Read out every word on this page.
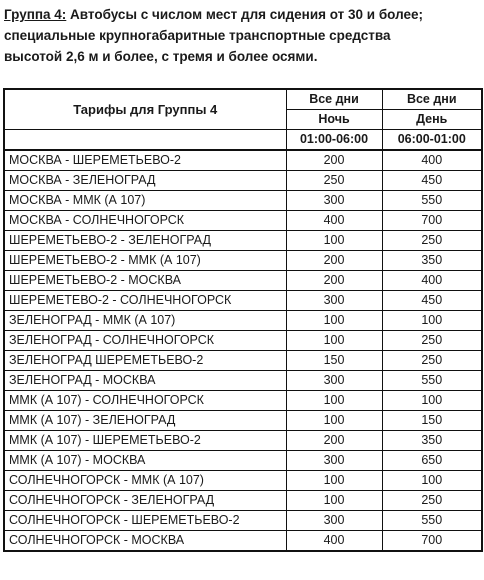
Группа 4: Автобусы с числом мест для сидения от 30 и более;
специальные крупногабаритные транспортные средства
высотой 2,6 м и более, с тремя и более осями.
Тарифы для Группы 4	Все дни	Все дни
	Ночь	День
	01:00-06:00	06:00-01:00
МОСКВА - ШЕРЕМЕТЬЕВО-2	200	400
МОСКВА - ЗЕЛЕНОГРАД	250	450
МОСКВА - ММК (А 107)	300	550
МОСКВА - СОЛНЕЧНОГОРСК	400	700
ШЕРЕМЕТЬЕВО-2 - ЗЕЛЕНОГРАД	100	250
ШЕРЕМЕТЬЕВО-2 - ММК (А 107)	200	350
ШЕРЕМЕТЬЕВО-2 - МОСКВА	200	400
ШЕРЕМЕТЕВО-2 - СОЛНЕЧНОГОРСК	300	450
ЗЕЛЕНОГРАД - ММК (А 107)	100	100
ЗЕЛЕНОГРАД - СОЛНЕЧНОГОРСК	100	250
ЗЕЛЕНОГРАД ШЕРЕМЕТЬЕВО-2	150	250
ЗЕЛЕНОГРАД - МОСКВА	300	550
ММК (А 107) - СОЛНЕЧНОГОРСК	100	100
ММК (А 107) - ЗЕЛЕНОГРАД	100	150
ММК (А 107) - ШЕРЕМЕТЬЕВО-2	200	350
ММК (А 107) - МОСКВА	300	650
СОЛНЕЧНОГОРСК - ММК (А 107)	100	100
СОЛНЕЧНОГОРСК - ЗЕЛЕНОГРАД	100	250
СОЛНЕЧНОГОРСК - ШЕРЕМЕТЬЕВО-2	300	550
СОЛНЕЧНОГОРСК - МОСКВА	400	700
